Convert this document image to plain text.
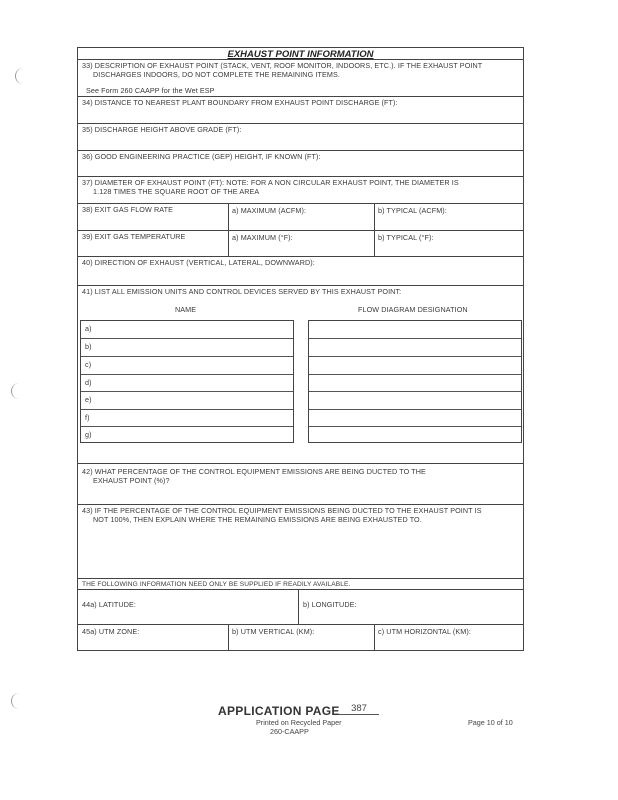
EXHAUST POINT INFORMATION
33) DESCRIPTION OF EXHAUST POINT (STACK, VENT, ROOF MONITOR, INDOORS, ETC.). IF THE EXHAUST POINT
DISCHARGES INDOORS, DO NOT COMPLETE THE REMAINING ITEMS.
See Form 260 CAAPP for the Wet ESP
34) DISTANCE TO NEAREST PLANT BOUNDARY FROM EXHAUST POINT DISCHARGE (FT):
35) DISCHARGE HEIGHT ABOVE GRADE (FT):
36) GOOD ENGINEERING PRACTICE (GEP) HEIGHT, IF KNOWN (FT):
37) DIAMETER OF EXHAUST POINT (FT): NOTE: FOR A NON CIRCULAR EXHAUST POINT, THE DIAMETER IS
1.128 TIMES THE SQUARE ROOT OF THE AREA
38) EXIT GAS FLOW RATE	a) MAXIMUM (ACFM):	b) TYPICAL (ACFM):
39) EXIT GAS TEMPERATURE	a) MAXIMUM (°F):	b) TYPICAL (°F):
40) DIRECTION OF EXHAUST (VERTICAL, LATERAL, DOWNWARD):
41) LIST ALL EMISSION UNITS AND CONTROL DEVICES SERVED BY THIS EXHAUST POINT:
NAME	FLOW DIAGRAM DESIGNATION
a)
b)
c)
d)
e)
f)
g)
42) WHAT PERCENTAGE OF THE CONTROL EQUIPMENT EMISSIONS ARE BEING DUCTED TO THE
EXHAUST POINT (%)?
43) IF THE PERCENTAGE OF THE CONTROL EQUIPMENT EMISSIONS BEING DUCTED TO THE EXHAUST POINT IS
NOT 100%, THEN EXPLAIN WHERE THE REMAINING EMISSIONS ARE BEING EXHAUSTED TO.
THE FOLLOWING INFORMATION NEED ONLY BE SUPPLIED IF READILY AVAILABLE.
44a) LATITUDE:	b) LONGITUDE:
45a) UTM ZONE:	b) UTM VERTICAL (KM):	c) UTM HORIZONTAL (KM):
APPLICATION PAGE	387
Printed on Recycled Paper
260-CAAPP
Page 10 of 10
